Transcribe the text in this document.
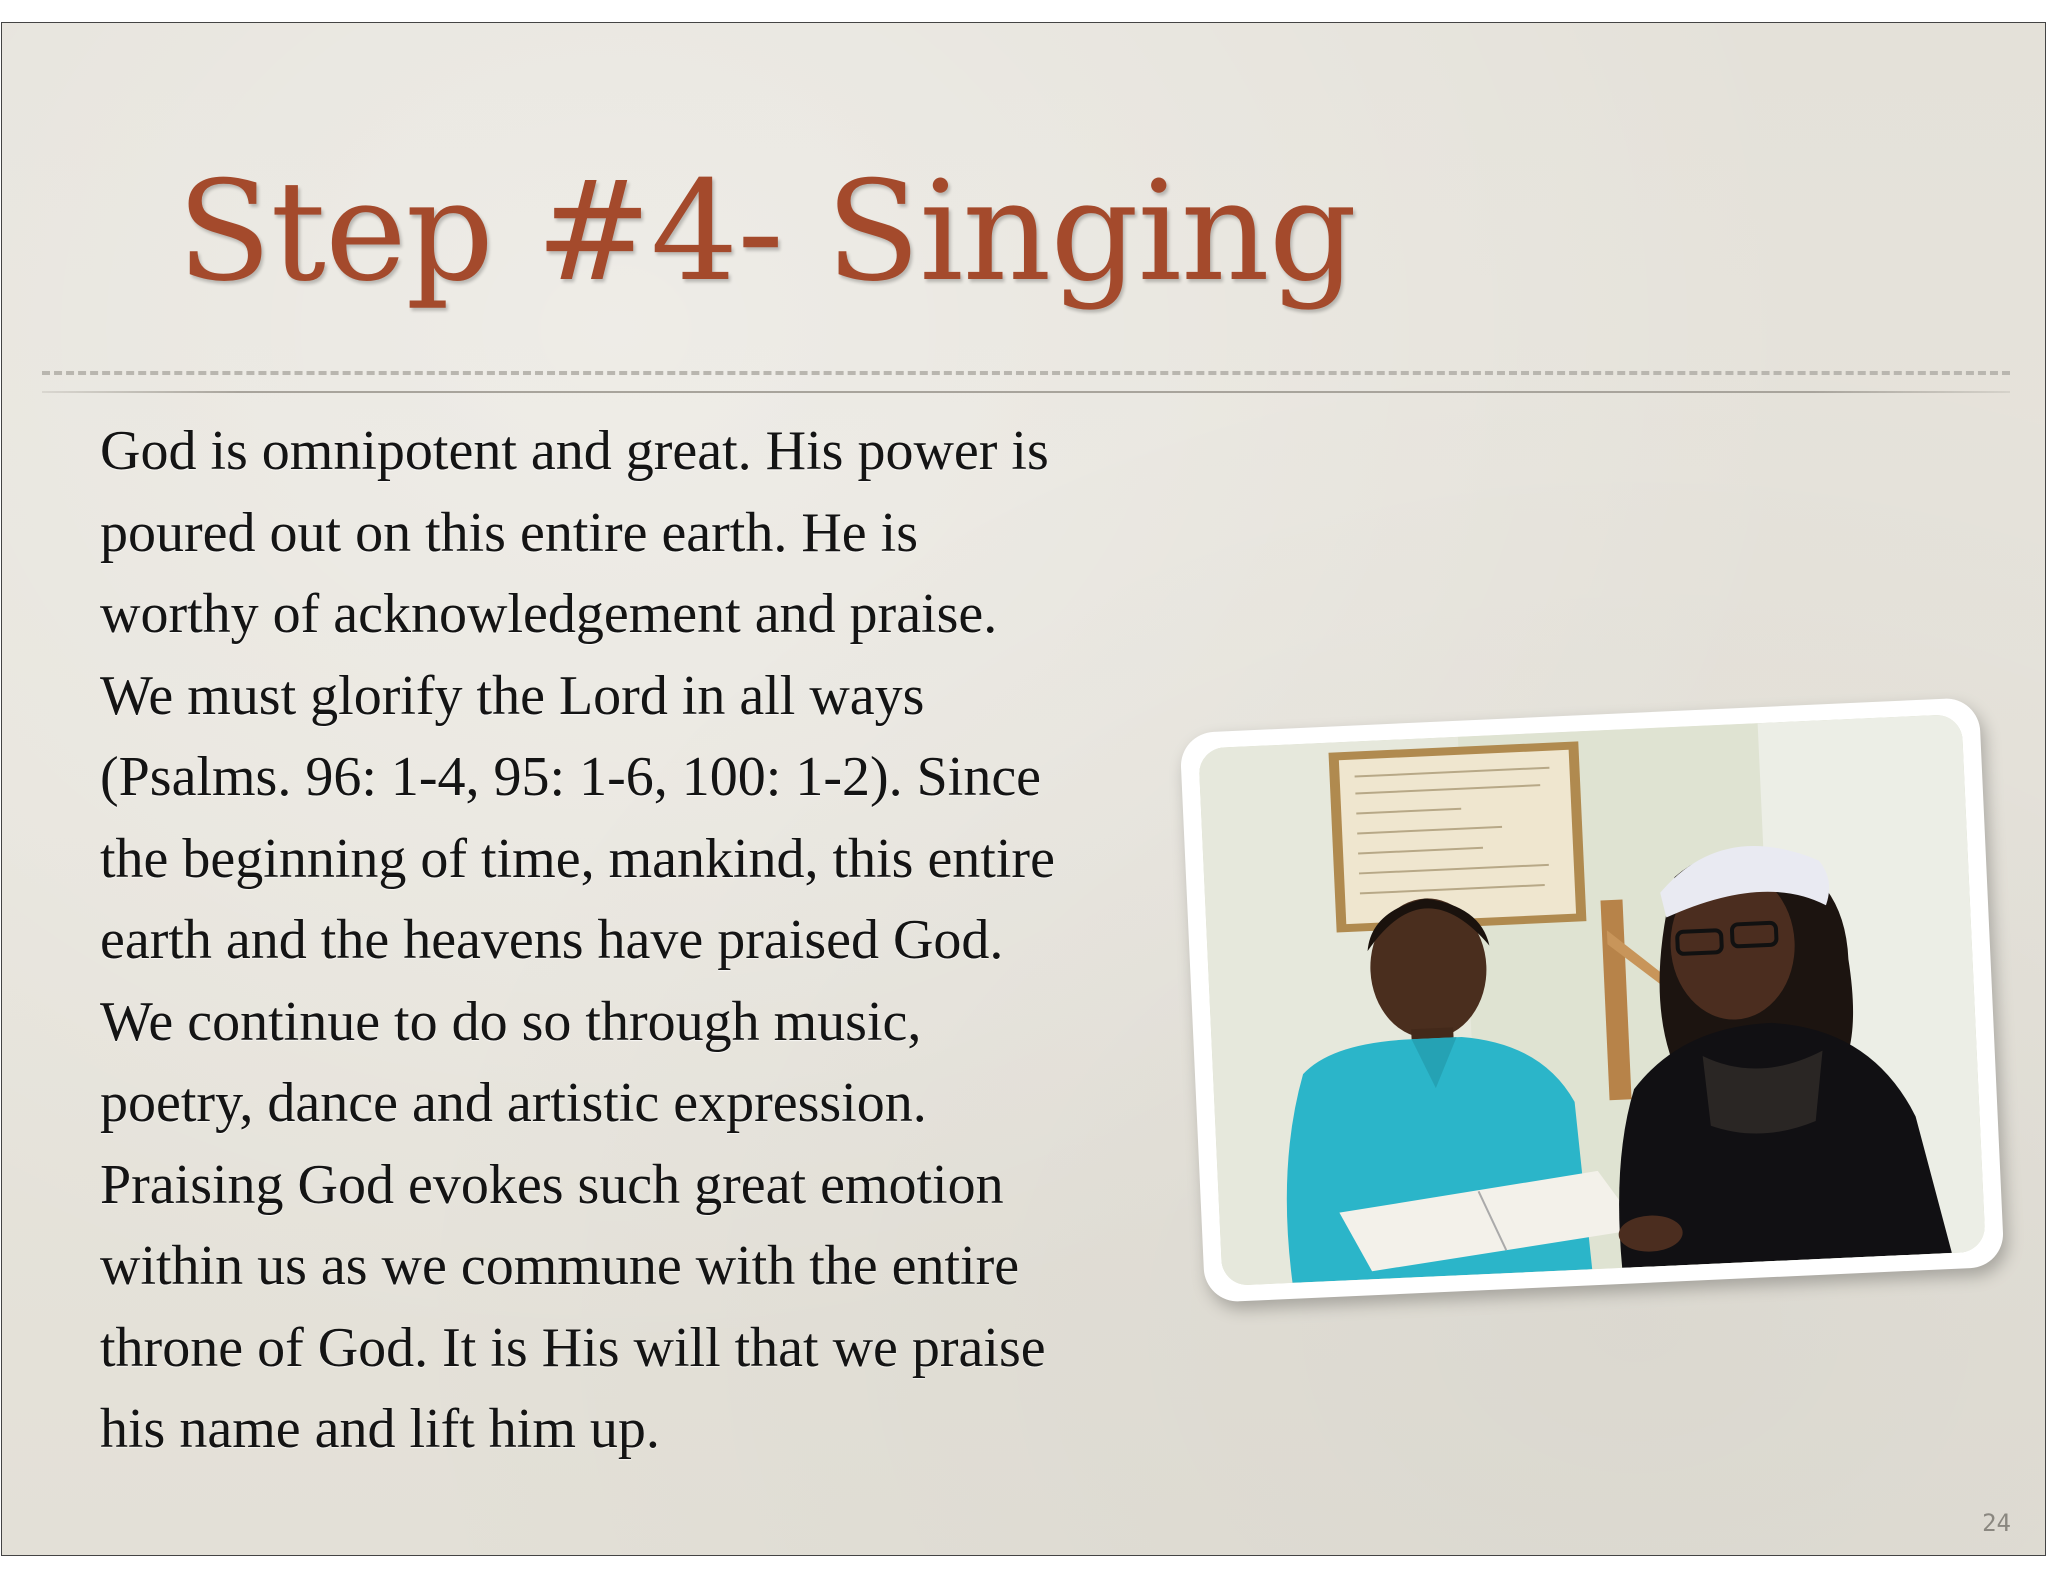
Step #4- Singing

God is omnipotent and great. His power is
poured out on this entire earth. He is
worthy of acknowledgement and praise.
We must glorify the Lord in all ways
(Psalms. 96: 1-4, 95: 1-6, 100: 1-2). Since
the beginning of time, mankind, this entire
earth and the heavens have praised God.
We continue to do so through music,
poetry, dance and artistic expression.
Praising God evokes such great emotion
within us as we commune with the entire
throne of God. It is His will that we praise
his name and lift him up.

24
